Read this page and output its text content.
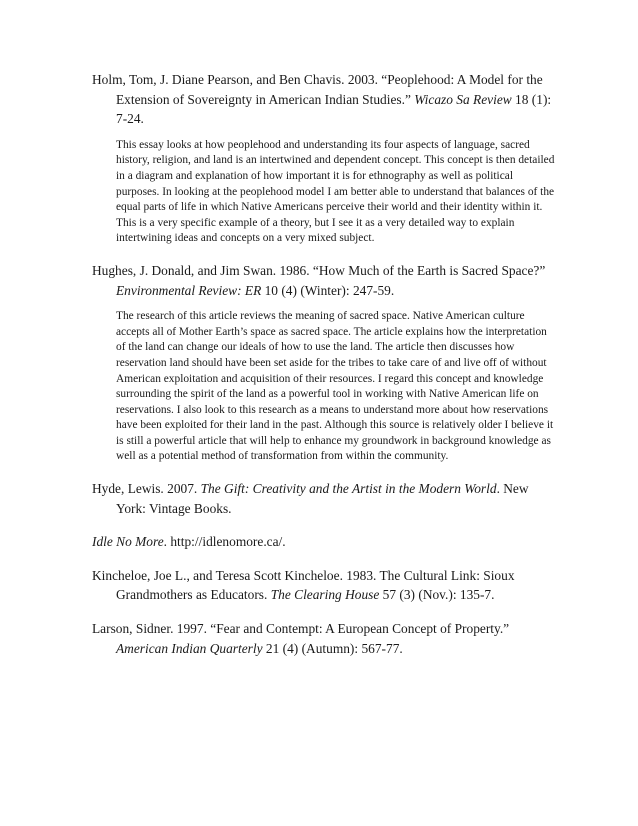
Holm, Tom, J. Diane Pearson, and Ben Chavis. 2003. “Peoplehood: A Model for the Extension of Sovereignty in American Indian Studies.” Wicazo Sa Review 18 (1): 7-24.
This essay looks at how peoplehood and understanding its four aspects of language, sacred history, religion, and land is an intertwined and dependent concept. This concept is then detailed in a diagram and explanation of how important it is for ethnography as well as political purposes. In looking at the peoplehood model I am better able to understand that balances of the equal parts of life in which Native Americans perceive their world and their identity within it. This is a very specific example of a theory, but I see it as a very detailed way to explain intertwining ideas and concepts on a very mixed subject.
Hughes, J. Donald, and Jim Swan. 1986. “How Much of the Earth is Sacred Space?” Environmental Review: ER 10 (4) (Winter): 247-59.
The research of this article reviews the meaning of sacred space. Native American culture accepts all of Mother Earth’s space as sacred space. The article explains how the interpretation of the land can change our ideals of how to use the land. The article then discusses how reservation land should have been set aside for the tribes to take care of and live off of without American exploitation and acquisition of their resources. I regard this concept and knowledge surrounding the spirit of the land as a powerful tool in working with Native American life on reservations. I also look to this research as a means to understand more about how reservations have been exploited for their land in the past. Although this source is relatively older I believe it is still a powerful article that will help to enhance my groundwork in background knowledge as well as a potential method of transformation from within the community.
Hyde, Lewis. 2007. The Gift: Creativity and the Artist in the Modern World. New York: Vintage Books.
Idle No More. http://idlenomore.ca/.
Kincheloe, Joe L., and Teresa Scott Kincheloe. 1983. The Cultural Link: Sioux Grandmothers as Educators. The Clearing House 57 (3) (Nov.): 135-7.
Larson, Sidner. 1997. “Fear and Contempt: A European Concept of Property.” American Indian Quarterly 21 (4) (Autumn): 567-77.
